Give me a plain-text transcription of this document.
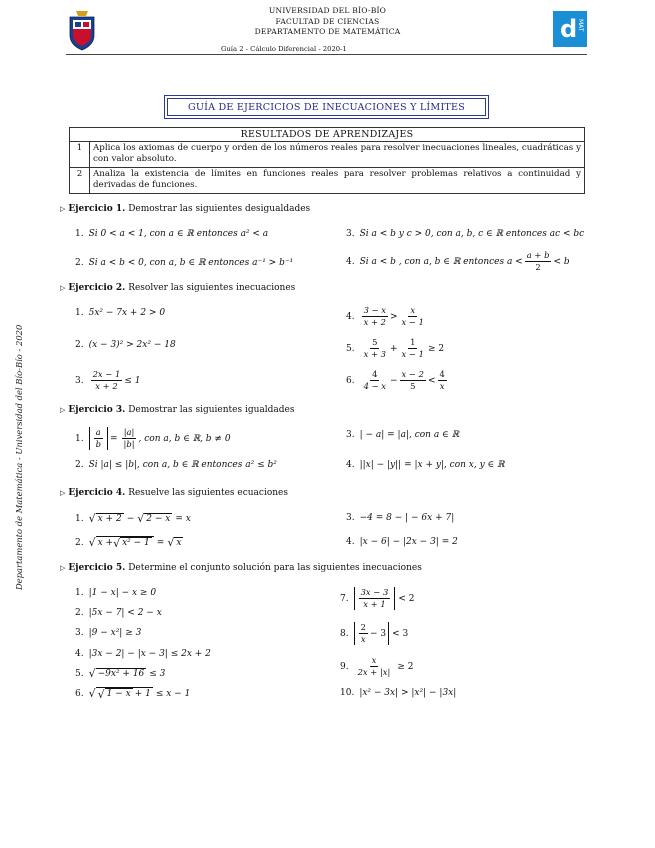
UNIVERSIDAD DEL BÍO-BÍO
FACULTAD DE CIENCIAS
DEPARTAMENTO DE MATEMÁTICA
Guía 2 - Cálculo Diferencial - 2020-1
d MAT
Departamento de Matemática - Universidad del Bío-Bío - 2020
GUÍA DE EJERCICIOS DE INECUACIONES Y LÍMITES
RESULTADOS DE APRENDIZAJES	
1	Aplica los axiomas de cuerpo y orden de los números reales para resolver inecuaciones lineales, cuadráticas y con valor absoluto.
2	Analiza la existencia de límites en funciones reales para resolver problemas relativos a continuidad y derivadas de funciones.
▷ Ejercicio 1. Demostrar las siguientes desigualdades
1. Si 0 < a < 1, con a ∈ ℝ entonces a² < a
2. Si a < b < 0, con a, b ∈ ℝ entonces a⁻¹ > b⁻¹
3. Si a < b y c > 0, con a, b, c ∈ ℝ entonces ac < bc
4. Si a < b , con a, b ∈ ℝ entonces a <
a + b
2
< b
▷ Ejercicio 2. Resolver las siguientes inecuaciones
1. 5x² − 7x + 2 > 0
2. (x − 3)² > 2x² − 18
3. $\frac{2x - 1}{x + 2} \le 1$
4.
3 − x
x + 2
>
x
x − 1
5.
5
x + 3
+ $\frac{1}{x - 1} \ge 2$
6.
4
4 − x
− $\frac{x - 2}{5}$ <
4
x
▷ Ejercicio 3. Demostrar las siguientes igualdades
1.
a
b
= $\frac{|a|}{|b|}$ , con a, b ∈ ℝ, b ≠ 0
2. Si |a| ≤ |b|, con a, b ∈ ℝ entonces a² ≤ b²
3. | − a| = |a|, con a ∈ ℝ
4. ||x| − |y|| = |x + y|, con x, y ∈ ℝ
▷ Ejercicio 4. Resuelve las siguientes ecuaciones
1. √ x + 2 − √ 2 − x = x
2. √ x + √ x² − 1 = √ x
3. −4 = 8 − | − 6x + 7|
4. |x − 6| − |2x − 3| = 2
▷ Ejercicio 5. Determine el conjunto solución para las siguientes inecuaciones
1. |1 − x| − x ≥ 0
2. |5x − 7| < 2 − x
3. |9 − x²| ≥ 3
4. |3x − 2| − |x − 3| ≤ 2x + 2
5. √ −9x² + 16 ≤ 3
6. √ √ 1 − x + 1 ≤ x − 1
7.
3x − 3
x + 1
< 2
8.
2
x
− 3 < 3
9. $\frac{x}{2x + |x|} \ge 2$
10. |x² − 3x| > |x²| − |3x|
